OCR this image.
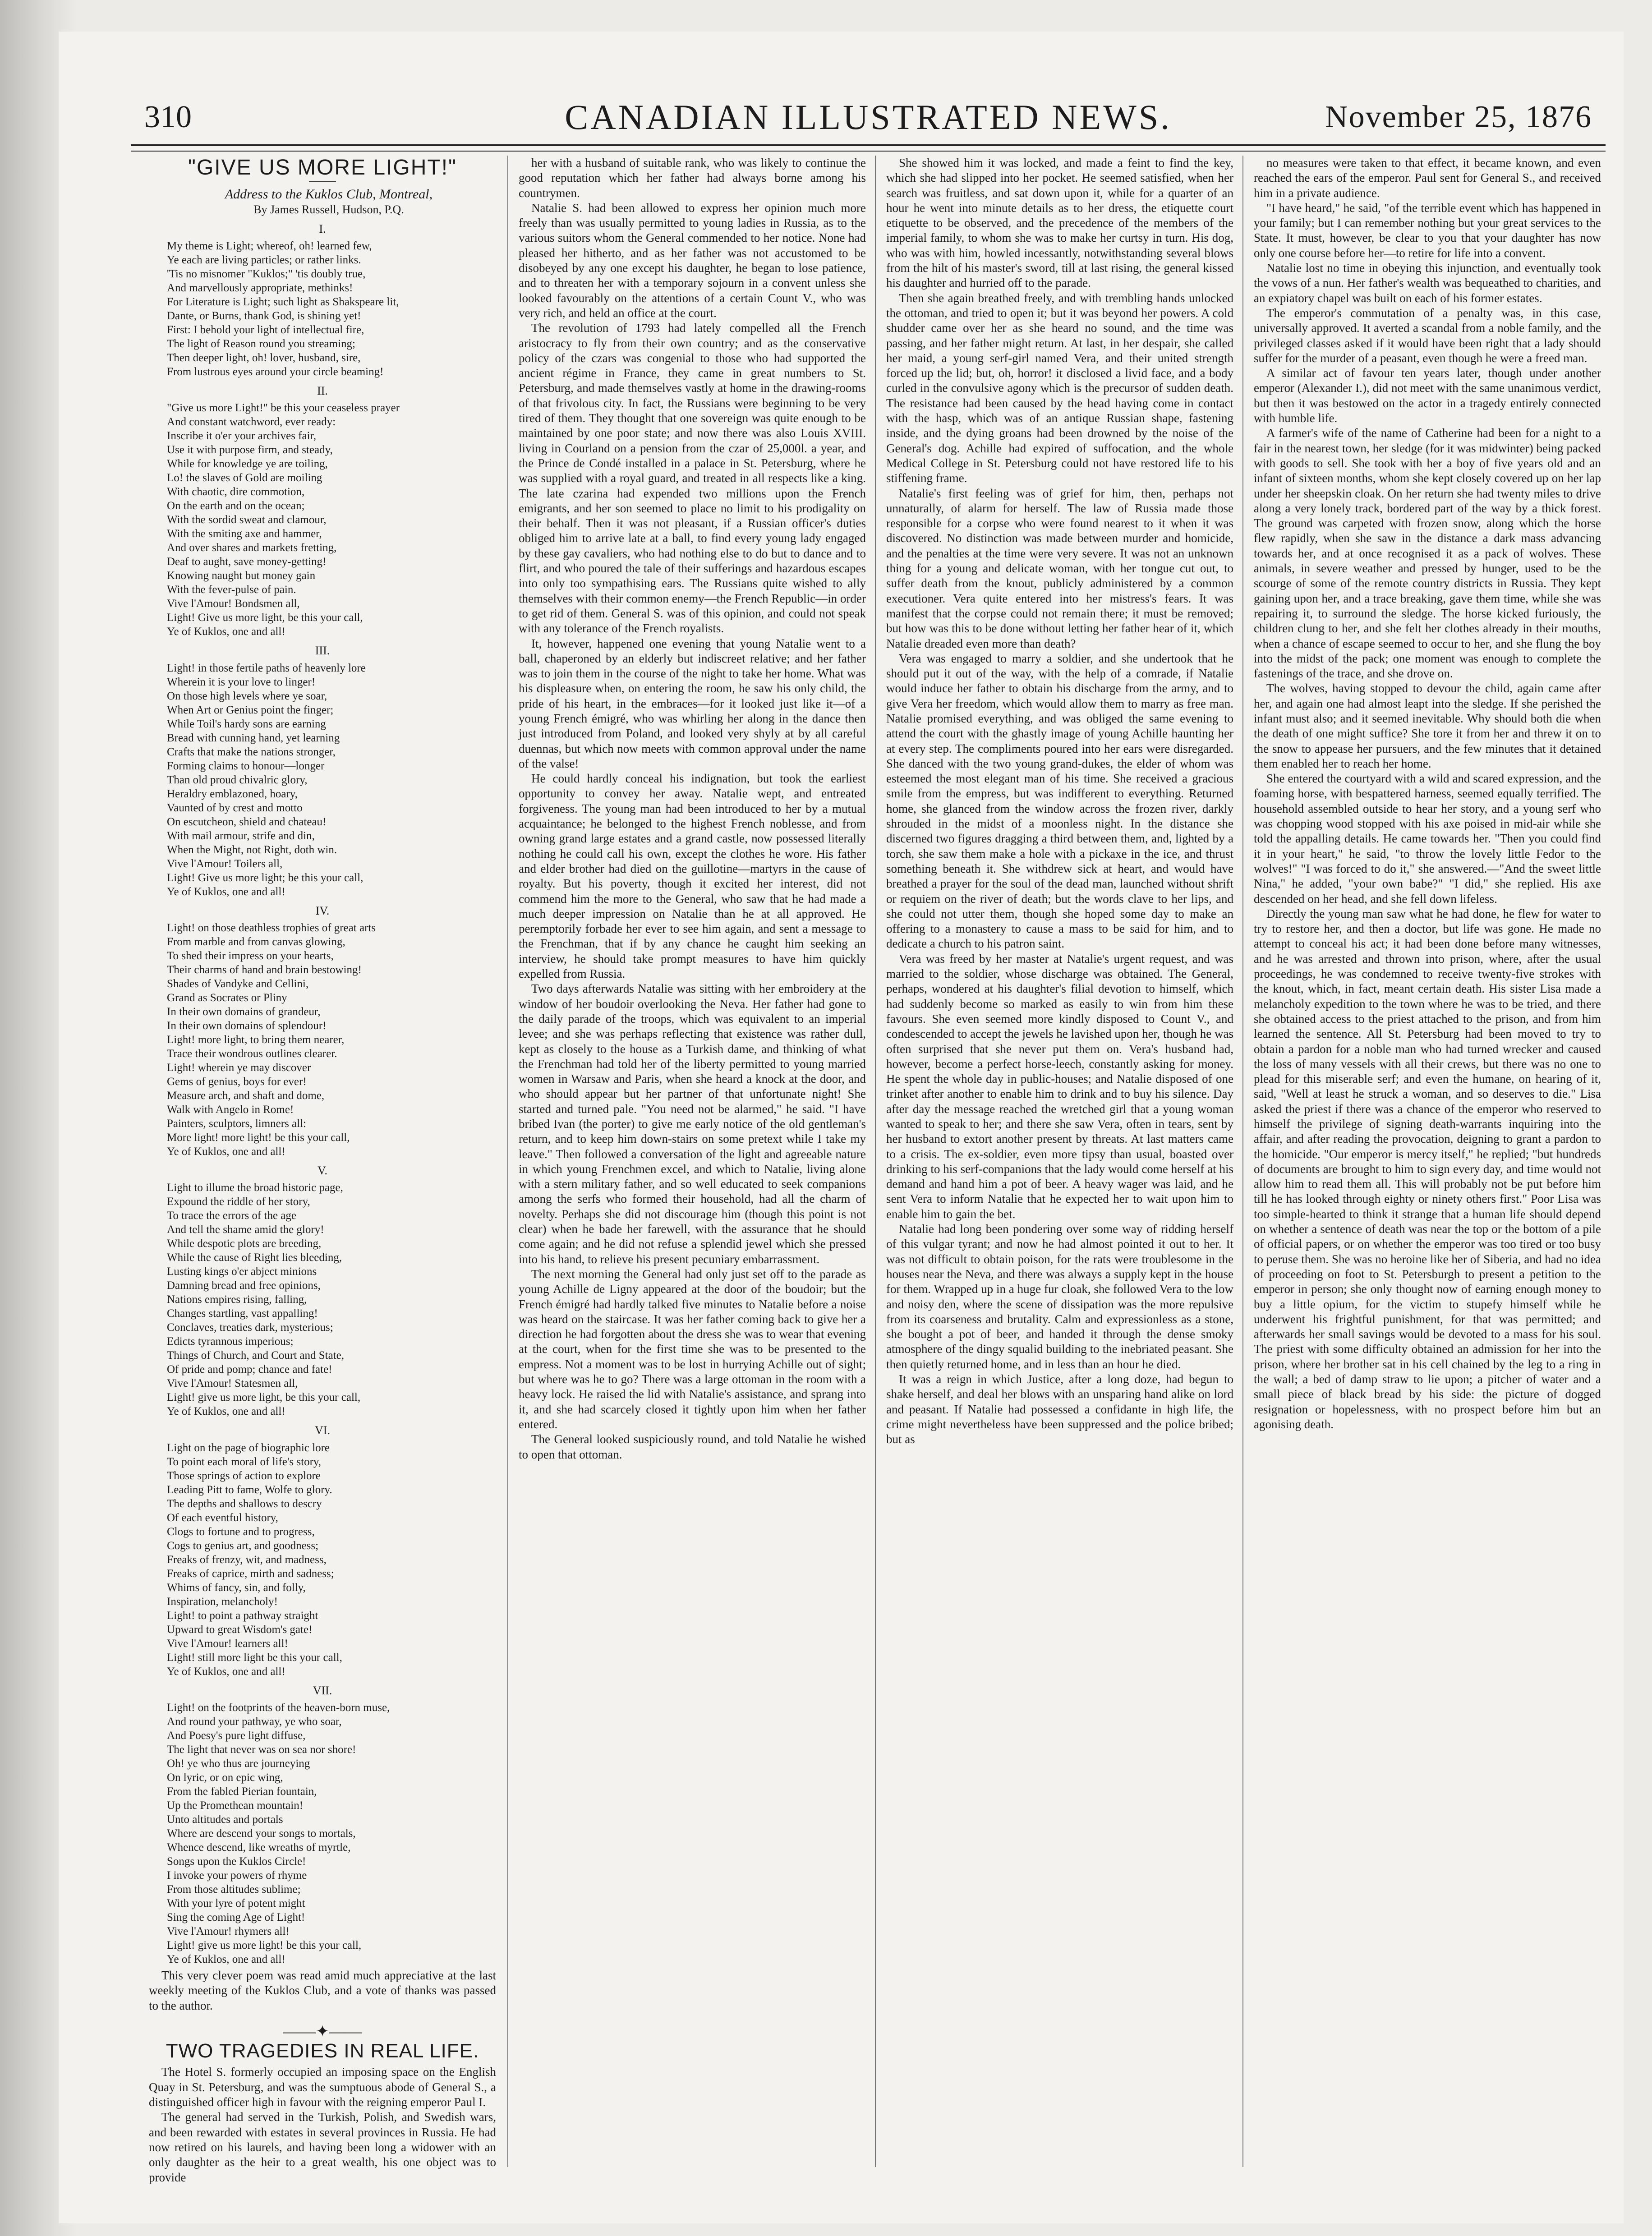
310	CANADIAN ILLUSTRATED NEWS.	November 25, 1876
"GIVE US MORE LIGHT!"

Address to the Kuklos Club, Montreal,

By James Russell, Hudson, P.Q.

I.
My theme is Light; whereof, oh! learned few,
Ye each are living particles; or rather links.
'Tis no misnomer "Kuklos;" 'tis doubly true,
And marvellously appropriate, methinks!
For Literature is Light; such light as Shakspeare lit,
Dante, or Burns, thank God, is shining yet!
First: I behold your light of intellectual fire,
The light of Reason round you streaming;
Then deeper light, oh! lover, husband, sire,
From lustrous eyes around your circle beaming!
II.
"Give us more Light!" be this your ceaseless prayer
And constant watchword, ever ready:
Inscribe it o'er your archives fair,
Use it with purpose firm, and steady,
While for knowledge ye are toiling,
Lo! the slaves of Gold are moiling
With chaotic, dire commotion,
On the earth and on the ocean;
With the sordid sweat and clamour,
With the smiting axe and hammer,
And over shares and markets fretting,
Deaf to aught, save money-getting!
Knowing naught but money gain
With the fever-pulse of pain.
Vive l'Amour! Bondsmen all,
Light! Give us more light, be this your call,
Ye of Kuklos, one and all!
III.
Light! in those fertile paths of heavenly lore
Wherein it is your love to linger!
On those high levels where ye soar,
When Art or Genius point the finger;
While Toil's hardy sons are earning
Bread with cunning hand, yet learning
Crafts that make the nations stronger,
Forming claims to honour—longer
Than old proud chivalric glory,
Heraldry emblazoned, hoary,
Vaunted of by crest and motto
On escutcheon, shield and chateau!
With mail armour, strife and din,
When the Might, not Right, doth win.
Vive l'Amour! Toilers all,
Light! Give us more light; be this your call,
Ye of Kuklos, one and all!
IV.
Light! on those deathless trophies of great arts
From marble and from canvas glowing,
To shed their impress on your hearts,
Their charms of hand and brain bestowing!
Shades of Vandyke and Cellini,
Grand as Socrates or Pliny
In their own domains of grandeur,
In their own domains of splendour!
Light! more light, to bring them nearer,
Trace their wondrous outlines clearer.
Light! wherein ye may discover
Gems of genius, boys for ever!
Measure arch, and shaft and dome,
Walk with Angelo in Rome!
Painters, sculptors, limners all:
More light! more light! be this your call,
Ye of Kuklos, one and all!
V.
Light to illume the broad historic page,
Expound the riddle of her story,
To trace the errors of the age
And tell the shame amid the glory!
While despotic plots are breeding,
While the cause of Right lies bleeding,
Lusting kings o'er abject minions
Damning bread and free opinions,
Nations empires rising, falling,
Changes startling, vast appalling!
Conclaves, treaties dark, mysterious;
Edicts tyrannous imperious;
Things of Church, and Court and State,
Of pride and pomp; chance and fate!
Vive l'Amour! Statesmen all,
Light! give us more light, be this your call,
Ye of Kuklos, one and all!
VI.
Light on the page of biographic lore
To point each moral of life's story,
Those springs of action to explore
Leading Pitt to fame, Wolfe to glory.
The depths and shallows to descry
Of each eventful history,
Clogs to fortune and to progress,
Cogs to genius art, and goodness;
Freaks of frenzy, wit, and madness,
Freaks of caprice, mirth and sadness;
Whims of fancy, sin, and folly,
Inspiration, melancholy!
Light! to point a pathway straight
Upward to great Wisdom's gate!
Vive l'Amour! learners all!
Light! still more light be this your call,
Ye of Kuklos, one and all!
VII.
Light! on the footprints of the heaven-born muse,
And round your pathway, ye who soar,
And Poesy's pure light diffuse,
The light that never was on sea nor shore!
Oh! ye who thus are journeying
On lyric, or on epic wing,
From the fabled Pierian fountain,
Up the Promethean mountain!
Unto altitudes and portals
Where are descend your songs to mortals,
Whence descend, like wreaths of myrtle,
Songs upon the Kuklos Circle!
I invoke your powers of rhyme
From those altitudes sublime;
With your lyre of potent might
Sing the coming Age of Light!
Vive l'Amour! rhymers all!
Light! give us more light! be this your call,
Ye of Kuklos, one and all!

This very clever poem was read amid much appreciative at the last weekly meeting of the Kuklos Club, and a vote of thanks was passed to the author.

——✦——
TWO TRAGEDIES IN REAL LIFE.

The Hotel S. formerly occupied an imposing space on the English Quay in St. Petersburg, and was the sumptuous abode of General S., a distinguished officer high in favour with the reigning emperor Paul I.

The general had served in the Turkish, Polish, and Swedish wars, and been rewarded with estates in several provinces in Russia. He had now retired on his laurels, and having been long a widower with an only daughter as the heir to a great wealth, his one object was to provide

her with a husband of suitable rank, who was likely to continue the good reputation which her father had always borne among his countrymen.

Natalie S. had been allowed to express her opinion much more freely than was usually permitted to young ladies in Russia, as to the various suitors whom the General commended to her notice. None had pleased her hitherto, and as her father was not accustomed to be disobeyed by any one except his daughter, he began to lose patience, and to threaten her with a temporary sojourn in a convent unless she looked favourably on the attentions of a certain Count V., who was very rich, and held an office at the court.

The revolution of 1793 had lately compelled all the French aristocracy to fly from their own country; and as the conservative policy of the czars was congenial to those who had supported the ancient régime in France, they came in great numbers to St. Petersburg, and made themselves vastly at home in the drawing-rooms of that frivolous city. In fact, the Russians were beginning to be very tired of them. They thought that one sovereign was quite enough to be maintained by one poor state; and now there was also Louis XVIII. living in Courland on a pension from the czar of 25,000l. a year, and the Prince de Condé installed in a palace in St. Petersburg, where he was supplied with a royal guard, and treated in all respects like a king. The late czarina had expended two millions upon the French emigrants, and her son seemed to place no limit to his prodigality on their behalf. Then it was not pleasant, if a Russian officer's duties obliged him to arrive late at a ball, to find every young lady engaged by these gay cavaliers, who had nothing else to do but to dance and to flirt, and who poured the tale of their sufferings and hazardous escapes into only too sympathising ears. The Russians quite wished to ally themselves with their common enemy—the French Republic—in order to get rid of them. General S. was of this opinion, and could not speak with any tolerance of the French royalists.

It, however, happened one evening that young Natalie went to a ball, chaperoned by an elderly but indiscreet relative; and her father was to join them in the course of the night to take her home. What was his displeasure when, on entering the room, he saw his only child, the pride of his heart, in the embraces—for it looked just like it—of a young French émigré, who was whirling her along in the dance then just introduced from Poland, and looked very shyly at by all careful duennas, but which now meets with common approval under the name of the valse!

He could hardly conceal his indignation, but took the earliest opportunity to convey her away. Natalie wept, and entreated forgiveness. The young man had been introduced to her by a mutual acquaintance; he belonged to the highest French noblesse, and from owning grand large estates and a grand castle, now possessed literally nothing he could call his own, except the clothes he wore. His father and elder brother had died on the guillotine—martyrs in the cause of royalty. But his poverty, though it excited her interest, did not commend him the more to the General, who saw that he had made a much deeper impression on Natalie than he at all approved. He peremptorily forbade her ever to see him again, and sent a message to the Frenchman, that if by any chance he caught him seeking an interview, he should take prompt measures to have him quickly expelled from Russia.

Two days afterwards Natalie was sitting with her embroidery at the window of her boudoir overlooking the Neva. Her father had gone to the daily parade of the troops, which was equivalent to an imperial levee; and she was perhaps reflecting that existence was rather dull, kept as closely to the house as a Turkish dame, and thinking of what the Frenchman had told her of the liberty permitted to young married women in Warsaw and Paris, when she heard a knock at the door, and who should appear but her partner of that unfortunate night! She started and turned pale. "You need not be alarmed," he said. "I have bribed Ivan (the porter) to give me early notice of the old gentleman's return, and to keep him down-stairs on some pretext while I take my leave." Then followed a conversation of the light and agreeable nature in which young Frenchmen excel, and which to Natalie, living alone with a stern military father, and so well educated to seek companions among the serfs who formed their household, had all the charm of novelty. Perhaps she did not discourage him (though this point is not clear) when he bade her farewell, with the assurance that he should come again; and he did not refuse a splendid jewel which she pressed into his hand, to relieve his present pecuniary embarrassment.

The next morning the General had only just set off to the parade as young Achille de Ligny appeared at the door of the boudoir; but the French émigré had hardly talked five minutes to Natalie before a noise was heard on the staircase. It was her father coming back to give her a direction he had forgotten about the dress she was to wear that evening at the court, when for the first time she was to be presented to the empress. Not a moment was to be lost in hurrying Achille out of sight; but where was he to go? There was a large ottoman in the room with a heavy lock. He raised the lid with Natalie's assistance, and sprang into it, and she had scarcely closed it tightly upon him when her father entered.

The General looked suspiciously round, and told Natalie he wished to open that ottoman.

She showed him it was locked, and made a feint to find the key, which she had slipped into her pocket. He seemed satisfied, when her search was fruitless, and sat down upon it, while for a quarter of an hour he went into minute details as to her dress, the etiquette court etiquette to be observed, and the precedence of the members of the imperial family, to whom she was to make her curtsy in turn. His dog, who was with him, howled incessantly, notwithstanding several blows from the hilt of his master's sword, till at last rising, the general kissed his daughter and hurried off to the parade.

Then she again breathed freely, and with trembling hands unlocked the ottoman, and tried to open it; but it was beyond her powers. A cold shudder came over her as she heard no sound, and the time was passing, and her father might return. At last, in her despair, she called her maid, a young serf-girl named Vera, and their united strength forced up the lid; but, oh, horror! it disclosed a livid face, and a body curled in the convulsive agony which is the precursor of sudden death. The resistance had been caused by the head having come in contact with the hasp, which was of an antique Russian shape, fastening inside, and the dying groans had been drowned by the noise of the General's dog. Achille had expired of suffocation, and the whole Medical College in St. Petersburg could not have restored life to his stiffening frame.

Natalie's first feeling was of grief for him, then, perhaps not unnaturally, of alarm for herself. The law of Russia made those responsible for a corpse who were found nearest to it when it was discovered. No distinction was made between murder and homicide, and the penalties at the time were very severe. It was not an unknown thing for a young and delicate woman, with her tongue cut out, to suffer death from the knout, publicly administered by a common executioner. Vera quite entered into her mistress's fears. It was manifest that the corpse could not remain there; it must be removed; but how was this to be done without letting her father hear of it, which Natalie dreaded even more than death?

Vera was engaged to marry a soldier, and she undertook that he should put it out of the way, with the help of a comrade, if Natalie would induce her father to obtain his discharge from the army, and to give Vera her freedom, which would allow them to marry as free man. Natalie promised everything, and was obliged the same evening to attend the court with the ghastly image of young Achille haunting her at every step. The compliments poured into her ears were disregarded. She danced with the two young grand-dukes, the elder of whom was esteemed the most elegant man of his time. She received a gracious smile from the empress, but was indifferent to everything. Returned home, she glanced from the window across the frozen river, darkly shrouded in the midst of a moonless night. In the distance she discerned two figures dragging a third between them, and, lighted by a torch, she saw them make a hole with a pickaxe in the ice, and thrust something beneath it. She withdrew sick at heart, and would have breathed a prayer for the soul of the dead man, launched without shrift or requiem on the river of death; but the words clave to her lips, and she could not utter them, though she hoped some day to make an offering to a monastery to cause a mass to be said for him, and to dedicate a church to his patron saint.

Vera was freed by her master at Natalie's urgent request, and was married to the soldier, whose discharge was obtained. The General, perhaps, wondered at his daughter's filial devotion to himself, which had suddenly become so marked as easily to win from him these favours. She even seemed more kindly disposed to Count V., and condescended to accept the jewels he lavished upon her, though he was often surprised that she never put them on. Vera's husband had, however, become a perfect horse-leech, constantly asking for money. He spent the whole day in public-houses; and Natalie disposed of one trinket after another to enable him to drink and to buy his silence. Day after day the message reached the wretched girl that a young woman wanted to speak to her; and there she saw Vera, often in tears, sent by her husband to extort another present by threats. At last matters came to a crisis. The ex-soldier, even more tipsy than usual, boasted over drinking to his serf-companions that the lady would come herself at his demand and hand him a pot of beer. A heavy wager was laid, and he sent Vera to inform Natalie that he expected her to wait upon him to enable him to gain the bet.

Natalie had long been pondering over some way of ridding herself of this vulgar tyrant; and now he had almost pointed it out to her. It was not difficult to obtain poison, for the rats were troublesome in the houses near the Neva, and there was always a supply kept in the house for them. Wrapped up in a huge fur cloak, she followed Vera to the low and noisy den, where the scene of dissipation was the more repulsive from its coarseness and brutality. Calm and expressionless as a stone, she bought a pot of beer, and handed it through the dense smoky atmosphere of the dingy squalid building to the inebriated peasant. She then quietly returned home, and in less than an hour he died.

It was a reign in which Justice, after a long doze, had begun to shake herself, and deal her blows with an unsparing hand alike on lord and peasant. If Natalie had possessed a confidante in high life, the crime might nevertheless have been suppressed and the police bribed; but as

no measures were taken to that effect, it became known, and even reached the ears of the emperor. Paul sent for General S., and received him in a private audience.

"I have heard," he said, "of the terrible event which has happened in your family; but I can remember nothing but your great services to the State. It must, however, be clear to you that your daughter has now only one course before her—to retire for life into a convent.

Natalie lost no time in obeying this injunction, and eventually took the vows of a nun. Her father's wealth was bequeathed to charities, and an expiatory chapel was built on each of his former estates.

The emperor's commutation of a penalty was, in this case, universally approved. It averted a scandal from a noble family, and the privileged classes asked if it would have been right that a lady should suffer for the murder of a peasant, even though he were a freed man.

A similar act of favour ten years later, though under another emperor (Alexander I.), did not meet with the same unanimous verdict, but then it was bestowed on the actor in a tragedy entirely connected with humble life.

A farmer's wife of the name of Catherine had been for a night to a fair in the nearest town, her sledge (for it was midwinter) being packed with goods to sell. She took with her a boy of five years old and an infant of sixteen months, whom she kept closely covered up on her lap under her sheepskin cloak. On her return she had twenty miles to drive along a very lonely track, bordered part of the way by a thick forest. The ground was carpeted with frozen snow, along which the horse flew rapidly, when she saw in the distance a dark mass advancing towards her, and at once recognised it as a pack of wolves. These animals, in severe weather and pressed by hunger, used to be the scourge of some of the remote country districts in Russia. They kept gaining upon her, and a trace breaking, gave them time, while she was repairing it, to surround the sledge. The horse kicked furiously, the children clung to her, and she felt her clothes already in their mouths, when a chance of escape seemed to occur to her, and she flung the boy into the midst of the pack; one moment was enough to complete the fastenings of the trace, and she drove on.

The wolves, having stopped to devour the child, again came after her, and again one had almost leapt into the sledge. If she perished the infant must also; and it seemed inevitable. Why should both die when the death of one might suffice? She tore it from her and threw it on to the snow to appease her pursuers, and the few minutes that it detained them enabled her to reach her home.

She entered the courtyard with a wild and scared expression, and the foaming horse, with bespattered harness, seemed equally terrified. The household assembled outside to hear her story, and a young serf who was chopping wood stopped with his axe poised in mid-air while she told the appalling details. He came towards her. "Then you could find it in your heart," he said, "to throw the lovely little Fedor to the wolves!" "I was forced to do it," she answered.—"And the sweet little Nina," he added, "your own babe?" "I did," she replied. His axe descended on her head, and she fell down lifeless.

Directly the young man saw what he had done, he flew for water to try to restore her, and then a doctor, but life was gone. He made no attempt to conceal his act; it had been done before many witnesses, and he was arrested and thrown into prison, where, after the usual proceedings, he was condemned to receive twenty-five strokes with the knout, which, in fact, meant certain death. His sister Lisa made a melancholy expedition to the town where he was to be tried, and there she obtained access to the priest attached to the prison, and from him learned the sentence. All St. Petersburg had been moved to try to obtain a pardon for a noble man who had turned wrecker and caused the loss of many vessels with all their crews, but there was no one to plead for this miserable serf; and even the humane, on hearing of it, said, "Well at least he struck a woman, and so deserves to die." Lisa asked the priest if there was a chance of the emperor who reserved to himself the privilege of signing death-warrants inquiring into the affair, and after reading the provocation, deigning to grant a pardon to the homicide. "Our emperor is mercy itself," he replied; "but hundreds of documents are brought to him to sign every day, and time would not allow him to read them all. This will probably not be put before him till he has looked through eighty or ninety others first." Poor Lisa was too simple-hearted to think it strange that a human life should depend on whether a sentence of death was near the top or the bottom of a pile of official papers, or on whether the emperor was too tired or too busy to peruse them. She was no heroine like her of Siberia, and had no idea of proceeding on foot to St. Petersburgh to present a petition to the emperor in person; she only thought now of earning enough money to buy a little opium, for the victim to stupefy himself while he underwent his frightful punishment, for that was permitted; and afterwards her small savings would be devoted to a mass for his soul. The priest with some difficulty obtained an admission for her into the prison, where her brother sat in his cell chained by the leg to a ring in the wall; a bed of damp straw to lie upon; a pitcher of water and a small piece of black bread by his side: the picture of dogged resignation or hopelessness, with no prospect before him but an agonising death.
